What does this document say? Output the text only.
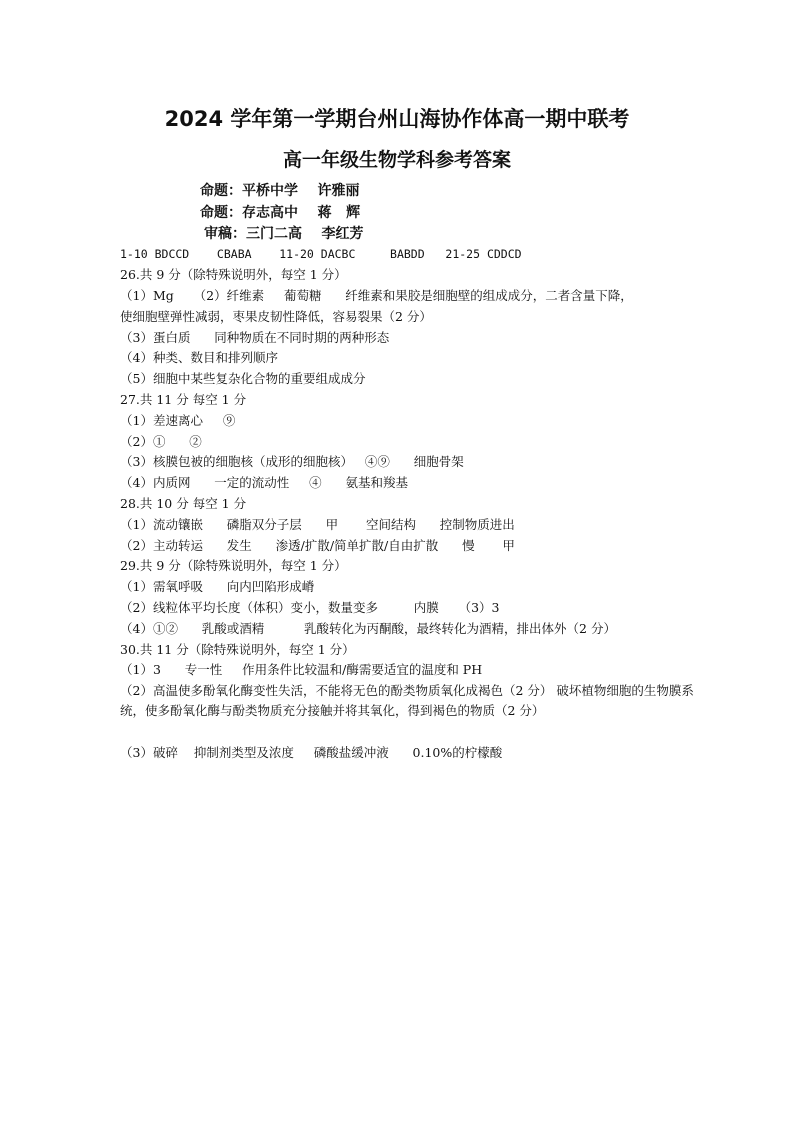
2024 学年第一学期台州山海协作体高一期中联考
高一年级生物学科参考答案
命题：平桥中学    许雅丽
命题：存志高中    蒋   辉
审稿：三门二高    李红芳
1-10 BDCCD    CBABA    11-20 DACBC     BABDD   21-25 CDDCD
26.共 9 分（除特殊说明外，每空 1 分）
（1）Mg     （2）纤维素     葡萄糖      纤维素和果胶是细胞壁的组成成分，二者含量下降，
使细胞壁弹性减弱，枣果皮韧性降低，容易裂果（2 分）
（3）蛋白质      同种物质在不同时期的两种形态
（4）种类、数目和排列顺序
（5）细胞中某些复杂化合物的重要组成成分
27.共 11 分 每空 1 分
（1）差速离心     ⑨
（2）①      ②
（3）核膜包被的细胞核（成形的细胞核）   ④⑨      细胞骨架
（4）内质网      一定的流动性     ④      氨基和羧基
28.共 10 分 每空 1 分
（1）流动镶嵌      磷脂双分子层      甲       空间结构      控制物质进出
（2）主动转运      发生      渗透/扩散/简单扩散/自由扩散      慢       甲
29.共 9 分（除特殊说明外，每空 1 分）
（1）需氧呼吸      向内凹陷形成嵴
（2）线粒体平均长度（体积）变小，数量变多         内膜     （3）3
（4）①②      乳酸或酒精          乳酸转化为丙酮酸，最终转化为酒精，排出体外（2 分）
30.共 11 分（除特殊说明外，每空 1 分）
（1）3      专一性     作用条件比较温和/酶需要适宜的温度和 PH
（2）高温使多酚氧化酶变性失活，不能将无色的酚类物质氧化成褐色（2 分） 破坏植物细胞的生物膜系统，使多酚氧化酶与酚类物质充分接触并将其氧化，得到褐色的物质（2 分）
（3）破碎    抑制剂类型及浓度     磷酸盐缓冲液      0.10%的柠檬酸
